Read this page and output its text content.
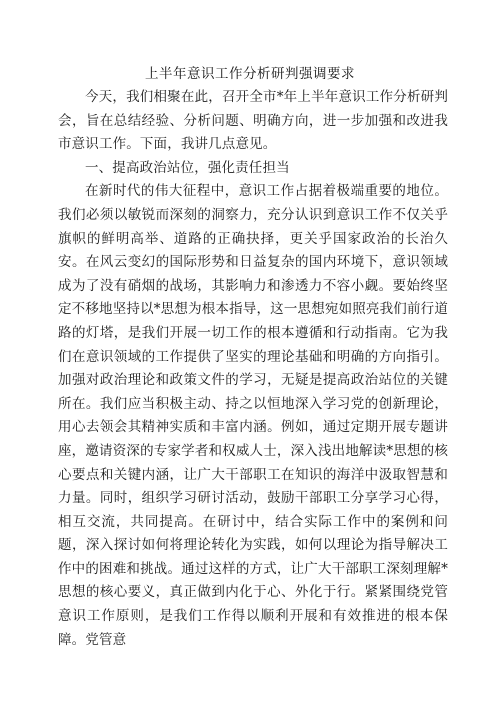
上半年意识工作分析研判强调要求

今天，我们相聚在此，召开全市*年上半年意识工作分析研判会，旨在总结经验、分析问题、明确方向，进一步加强和改进我市意识工作。下面，我讲几点意见。

一、提高政治站位，强化责任担当

在新时代的伟大征程中，意识工作占据着极端重要的地位。我们必须以敏锐而深刻的洞察力，充分认识到意识工作不仅关乎旗帜的鲜明高举、道路的正确抉择，更关乎国家政治的长治久安。在风云变幻的国际形势和日益复杂的国内环境下，意识领域成为了没有硝烟的战场，其影响力和渗透力不容小觑。要始终坚定不移地坚持以*思想为根本指导，这一思想宛如照亮我们前行道路的灯塔，是我们开展一切工作的根本遵循和行动指南。它为我们在意识领域的工作提供了坚实的理论基础和明确的方向指引。加强对政治理论和政策文件的学习，无疑是提高政治站位的关键所在。我们应当积极主动、持之以恒地深入学习党的创新理论，用心去领会其精神实质和丰富内涵。例如，通过定期开展专题讲座，邀请资深的专家学者和权威人士，深入浅出地解读*思想的核心要点和关键内涵，让广大干部职工在知识的海洋中汲取智慧和力量。同时，组织学习研讨活动，鼓励干部职工分享学习心得，相互交流，共同提高。在研讨中，结合实际工作中的案例和问题，深入探讨如何将理论转化为实践，如何以理论为指导解决工作中的困难和挑战。通过这样的方式，让广大干部职工深刻理解*思想的核心要义，真正做到内化于心、外化于行。紧紧围绕党管意识工作原则，是我们工作得以顺利开展和有效推进的根本保障。党管意
